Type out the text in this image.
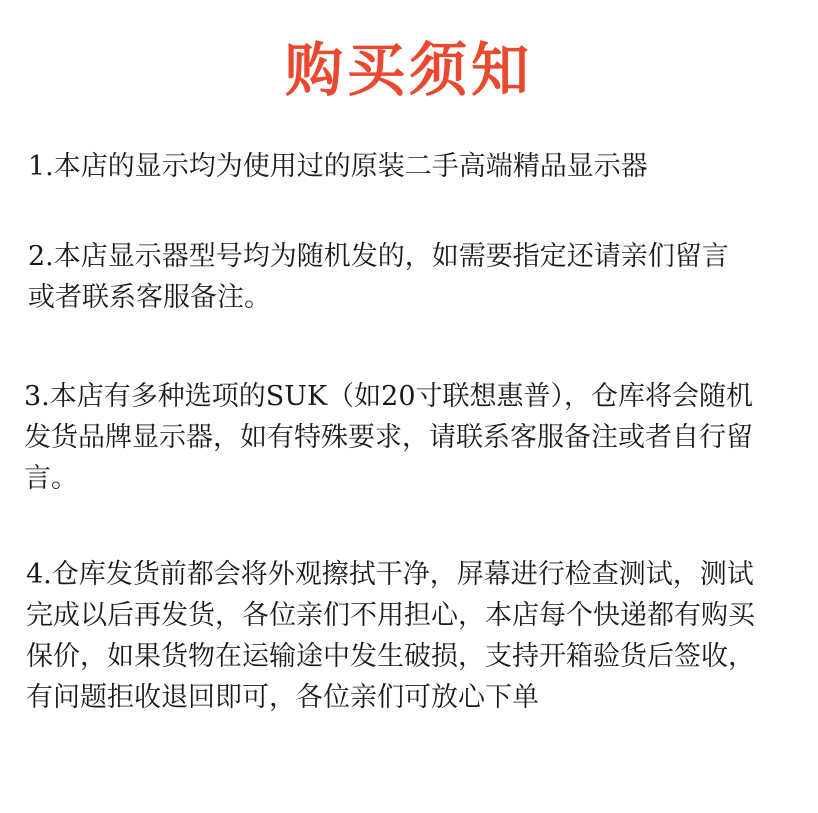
购买须知
1.本店的显示均为使用过的原装二手高端精品显示器
2.本店显示器型号均为随机发的，如需要指定还请亲们留言
或者联系客服备注。
3.本店有多种选项的SUK（如20寸联想惠普），仓库将会随机
发货品牌显示器，如有特殊要求，请联系客服备注或者自行留
言。
4.仓库发货前都会将外观擦拭干净，屏幕进行检查测试，测试
完成以后再发货，各位亲们不用担心，本店每个快递都有购买
保价，如果货物在运输途中发生破损，支持开箱验货后签收，
有问题拒收退回即可，各位亲们可放心下单
